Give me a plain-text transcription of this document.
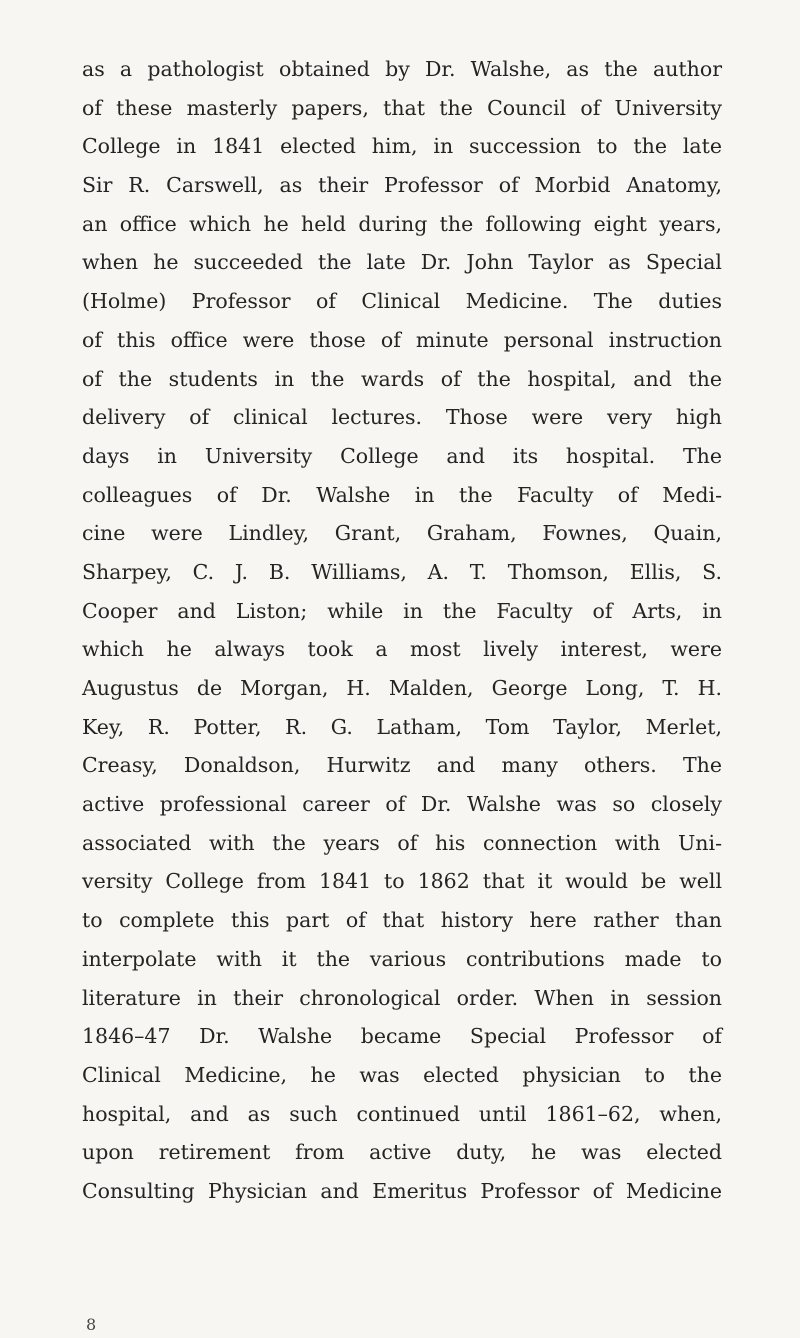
as a pathologist obtained by Dr. Walshe, as the author
of these masterly papers, that the Council of University
College in 1841 elected him, in succession to the late
Sir R. Carswell, as their Professor of Morbid Anatomy,
an office which he held during the following eight years,
when he succeeded the late Dr. John Taylor as Special
(Holme) Professor of Clinical Medicine. The duties
of this office were those of minute personal instruction
of the students in the wards of the hospital, and the
delivery of clinical lectures. Those were very high
days in University College and its hospital. The
colleagues of Dr. Walshe in the Faculty of Medi-
cine were Lindley, Grant, Graham, Fownes, Quain,
Sharpey, C. J. B. Williams, A. T. Thomson, Ellis, S.
Cooper and Liston; while in the Faculty of Arts, in
which he always took a most lively interest, were
Augustus de Morgan, H. Malden, George Long, T. H.
Key, R. Potter, R. G. Latham, Tom Taylor, Merlet,
Creasy, Donaldson, Hurwitz and many others. The
active professional career of Dr. Walshe was so closely
associated with the years of his connection with Uni-
versity College from 1841 to 1862 that it would be well
to complete this part of that history here rather than
interpolate with it the various contributions made to
literature in their chronological order. When in session
1846–47 Dr. Walshe became Special Professor of
Clinical Medicine, he was elected physician to the
hospital, and as such continued until 1861–62, when,
upon retirement from active duty, he was elected
Consulting Physician and Emeritus Professor of Medicine
8
